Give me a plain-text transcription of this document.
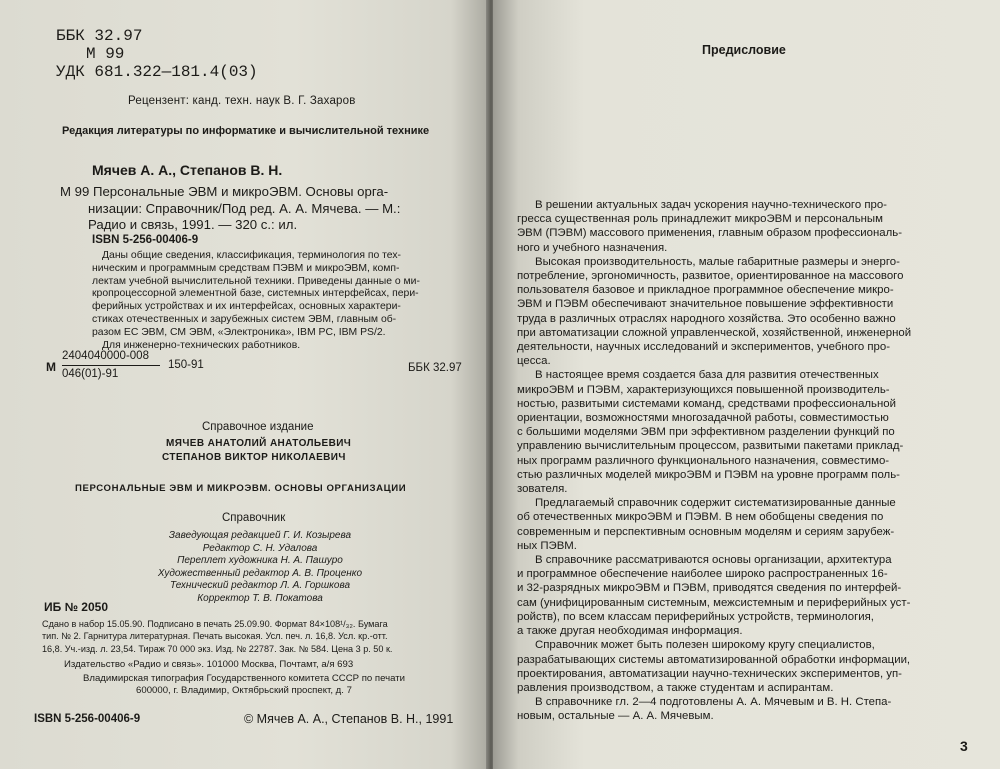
ББК 32.97
М 99
УДК 681.322—181.4(03)
Рецензент: канд. техн. наук В. Г. Захаров
Редакция литературы по информатике и вычислительной технике
Мячев А. А., Степанов В. Н.

М 99 Персональные ЭВМ и микроЭВМ. Основы орга-

низации: Справочник/Под ред. А. А. Мячева. — М.:

Радио и связь, 1991. — 320 с.: ил.

ISBN 5-256-00406-9

Даны общие сведения, классификация, терминология по тех-

ническим и программным средствам ПЭВМ и микроЭВМ, комп-

лектам учебной вычислительной техники. Приведены данные о ми-

кропроцессорной элементной базе, системных интерфейсах, пери-

ферийных устройствах и их интерфейсах, основных характери-

стиках отечественных и зарубежных систем ЭВМ, главным об-

разом ЕС ЭВМ, СМ ЭВМ, «Электроника», IBM PC, IBM PS/2.

Для инженерно-технических работников.

М
2404040000-008
046(01)-91
150-91	ББК 32.97
Справочное издание
МЯЧЕВ АНАТОЛИЙ АНАТОЛЬЕВИЧ
СТЕПАНОВ ВИКТОР НИКОЛАЕВИЧ
ПЕРСОНАЛЬНЫЕ ЭВМ И МИКРОЭВМ. ОСНОВЫ ОРГАНИЗАЦИИ
Справочник

Заведующая редакцией Г. И. Козырева

Редактор С. Н. Удалова

Переплет художника Н. А. Пашуро

Художественный редактор А. В. Проценко

Технический редактор Л. А. Горшкова

Корректор Т. В. Покатова

ИБ № 2050

Сдано в набор 15.05.90. Подписано в печать 25.09.90. Формат 84×108¹/₃₂. Бумага

тип. № 2. Гарнитура литературная. Печать высокая. Усл. печ. л. 16,8. Усл. кр.-отт.

16,8. Уч.-изд. л. 23,54. Тираж 70 000 экз. Изд. № 22787. Зак. № 584. Цена 3 р. 50 к.

Издательство «Радио и связь». 101000 Москва, Почтамт, а/я 693

Владимирская типография Государственного комитета СССР по печати

600000, г. Владимир, Октябрьский проспект, д. 7

ISBN 5-256-00406-9	© Мячев А. А., Степанов В. Н., 1991
Предисловие

В решении актуальных задач ускорения научно-технического про-

гресса существенная роль принадлежит микроЭВМ и персональным

ЭВМ (ПЭВМ) массового применения, главным образом профессиональ-

ного и учебного назначения.

Высокая производительность, малые габаритные размеры и энерго-

потребление, эргономичность, развитое, ориентированное на массового

пользователя базовое и прикладное программное обеспечение микро-

ЭВМ и ПЭВМ обеспечивают значительное повышение эффективности

труда в различных отраслях народного хозяйства. Это особенно важно

при автоматизации сложной управленческой, хозяйственной, инженерной

деятельности, научных исследований и экспериментов, учебного про-

цесса.

В настоящее время создается база для развития отечественных

микроЭВМ и ПЭВМ, характеризующихся повышенной производитель-

ностью, развитыми системами команд, средствами профессиональной

ориентации, возможностями многозадачной работы, совместимостью

с большими моделями ЭВМ при эффективном разделении функций по

управлению вычислительным процессом, развитыми пакетами приклад-

ных программ различного функционального назначения, совместимо-

стью различных моделей микроЭВМ и ПЭВМ на уровне программ поль-

зователя.

Предлагаемый справочник содержит систематизированные данные

об отечественных микроЭВМ и ПЭВМ. В нем обобщены сведения по

современным и перспективным основным моделям и сериям зарубеж-

ных ПЭВМ.

В справочнике рассматриваются основы организации, архитектура

и программное обеспечение наиболее широко распространенных 16-

и 32-разрядных микроЭВМ и ПЭВМ, приводятся сведения по интерфей-

сам (унифицированным системным, межсистемным и периферийных уст-

ройств), по всем классам периферийных устройств, терминология,

а также другая необходимая информация.

Справочник может быть полезен широкому кругу специалистов,

разрабатывающих системы автоматизированной обработки информации,

проектирования, автоматизации научно-технических экспериментов, уп-

равления производством, а также студентам и аспирантам.

В справочнике гл. 2—4 подготовлены А. А. Мячевым и В. Н. Степа-

новым, остальные — А. А. Мячевым.

3
